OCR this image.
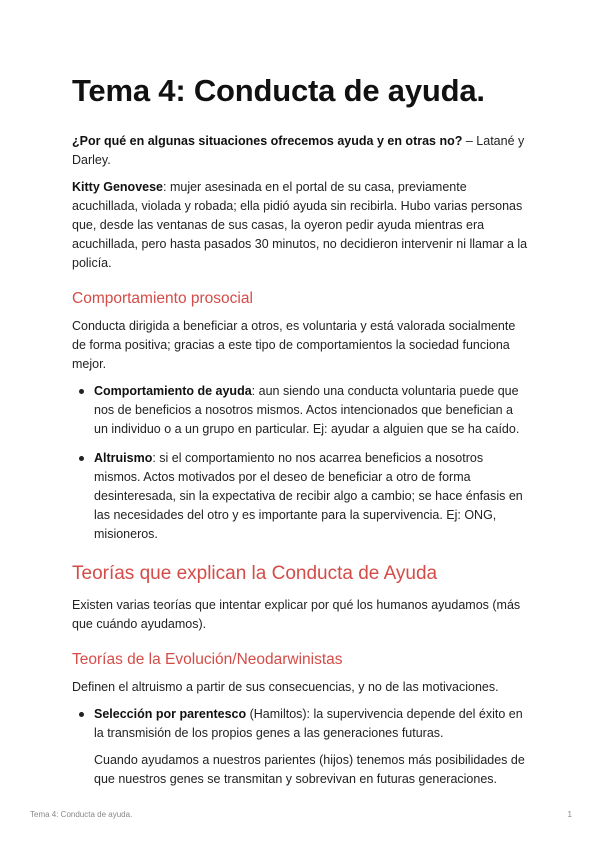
Tema 4: Conducta de ayuda.

¿Por qué en algunas situaciones ofrecemos ayuda y en otras no? – Latané y Darley.

Kitty Genovese: mujer asesinada en el portal de su casa, previamente acuchillada, violada y robada; ella pidió ayuda sin recibirla. Hubo varias personas que, desde las ventanas de sus casas, la oyeron pedir ayuda mientras era acuchillada, pero hasta pasados 30 minutos, no decidieron intervenir ni llamar a la policía.

Comportamiento prosocial

Conducta dirigida a beneficiar a otros, es voluntaria y está valorada socialmente de forma positiva; gracias a este tipo de comportamientos la sociedad funciona mejor.

Comportamiento de ayuda: aun siendo una conducta voluntaria puede que nos de beneficios a nosotros mismos. Actos intencionados que benefician a un individuo o a un grupo en particular. Ej: ayudar a alguien que se ha caído.
Altruismo: si el comportamiento no nos acarrea beneficios a nosotros mismos. Actos motivados por el deseo de beneficiar a otro de forma desinteresada, sin la expectativa de recibir algo a cambio; se hace énfasis en las necesidades del otro y es importante para la supervivencia. Ej: ONG, misioneros.
Teorías que explican la Conducta de Ayuda

Existen varias teorías que intentar explicar por qué los humanos ayudamos (más que cuándo ayudamos).

Teorías de la Evolución/Neodarwinistas

Definen el altruismo a partir de sus consecuencias, y no de las motivaciones.

Selección por parentesco (Hamiltos): la supervivencia depende del éxito en la transmisión de los propios genes a las generaciones futuras.

Cuando ayudamos a nuestros parientes (hijos) tenemos más posibilidades de que nuestros genes se transmitan y sobrevivan en futuras generaciones.

Tema 4: Conducta de ayuda.	1
